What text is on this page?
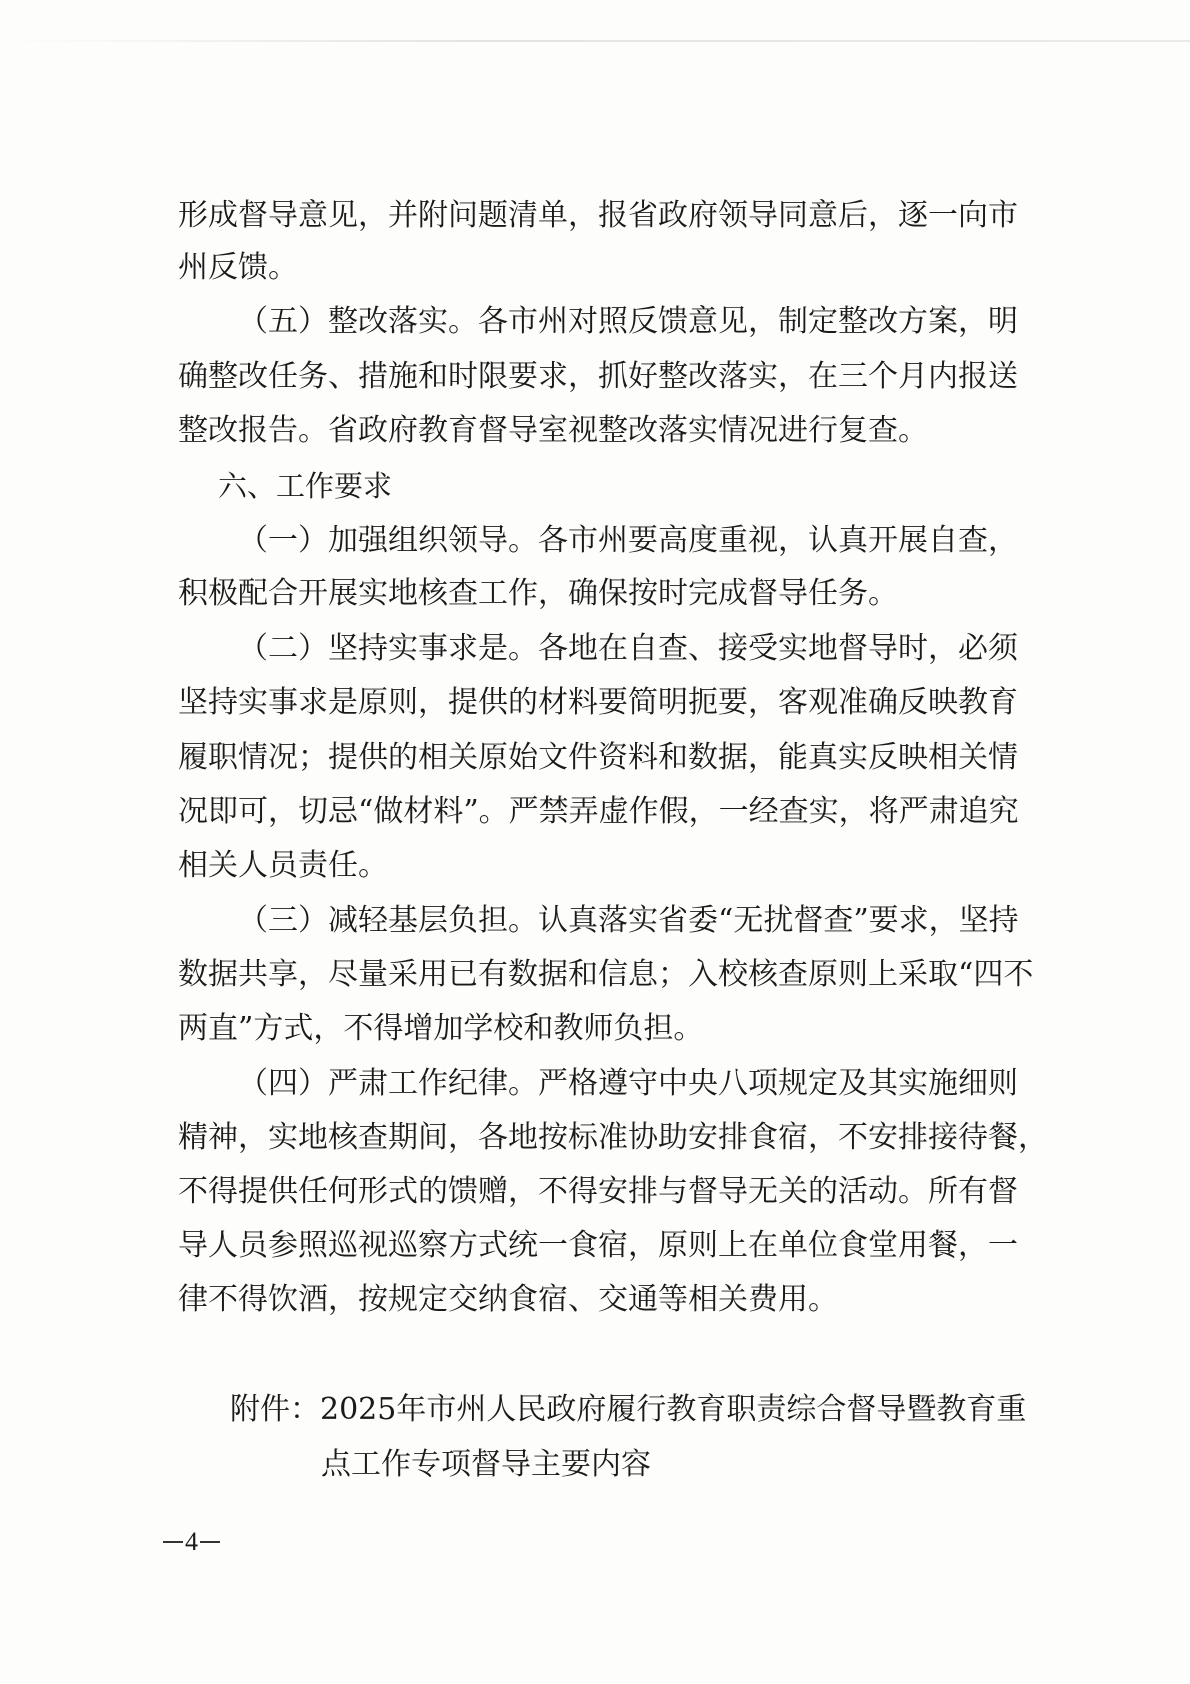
形成督导意见，并附问题清单，报省政府领导同意后，逐一向市
州反馈。
（五）整改落实。各市州对照反馈意见，制定整改方案，明
确整改任务、措施和时限要求，抓好整改落实，在三个月内报送
整改报告。省政府教育督导室视整改落实情况进行复查。
六、工作要求
（一）加强组织领导。各市州要高度重视，认真开展自查，
积极配合开展实地核查工作，确保按时完成督导任务。
（二）坚持实事求是。各地在自查、接受实地督导时，必须
坚持实事求是原则，提供的材料要简明扼要，客观准确反映教育
履职情况；提供的相关原始文件资料和数据，能真实反映相关情
况即可，切忌“做材料”。严禁弄虚作假，一经查实，将严肃追究
相关人员责任。
（三）减轻基层负担。认真落实省委“无扰督查”要求，坚持
数据共享，尽量采用已有数据和信息；入校核查原则上采取“四不
两直”方式，不得增加学校和教师负担。
（四）严肃工作纪律。严格遵守中央八项规定及其实施细则
精神，实地核查期间，各地按标准协助安排食宿，不安排接待餐，
不得提供任何形式的馈赠，不得安排与督导无关的活动。所有督
导人员参照巡视巡察方式统一食宿，原则上在单位食堂用餐，一
律不得饮酒，按规定交纳食宿、交通等相关费用。
附件：2025年市州人民政府履行教育职责综合督导暨教育重
点工作专项督导主要内容
4
